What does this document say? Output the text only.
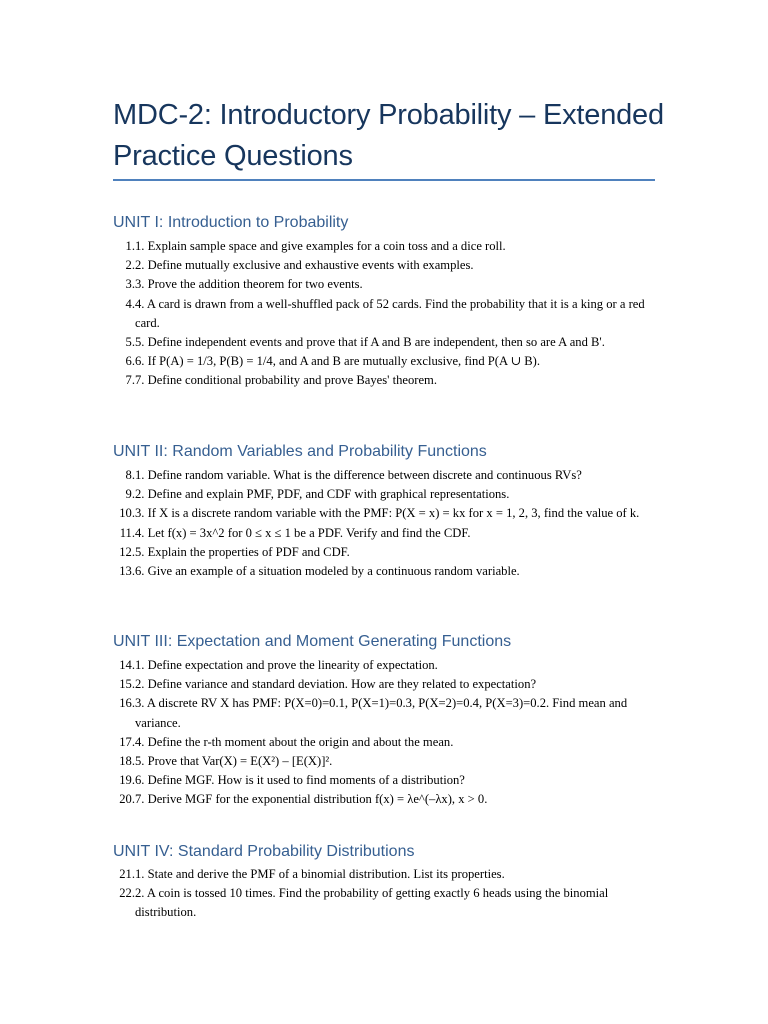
MDC-2: Introductory Probability – Extended Practice Questions
UNIT I: Introduction to Probability
1. 1. Explain sample space and give examples for a coin toss and a dice roll.
2. 2. Define mutually exclusive and exhaustive events with examples.
3. 3. Prove the addition theorem for two events.
4. 4. A card is drawn from a well-shuffled pack of 52 cards. Find the probability that it is a king or a red card.
5. 5. Define independent events and prove that if A and B are independent, then so are A and B'.
6. 6. If P(A) = 1/3, P(B) = 1/4, and A and B are mutually exclusive, find P(A ∪ B).
7. 7. Define conditional probability and prove Bayes' theorem.
UNIT II: Random Variables and Probability Functions
8. 1. Define random variable. What is the difference between discrete and continuous RVs?
9. 2. Define and explain PMF, PDF, and CDF with graphical representations.
10. 3. If X is a discrete random variable with the PMF: P(X = x) = kx for x = 1, 2, 3, find the value of k.
11. 4. Let f(x) = 3x^2 for 0 ≤ x ≤ 1 be a PDF. Verify and find the CDF.
12. 5. Explain the properties of PDF and CDF.
13. 6. Give an example of a situation modeled by a continuous random variable.
UNIT III: Expectation and Moment Generating Functions
14. 1. Define expectation and prove the linearity of expectation.
15. 2. Define variance and standard deviation. How are they related to expectation?
16. 3. A discrete RV X has PMF: P(X=0)=0.1, P(X=1)=0.3, P(X=2)=0.4, P(X=3)=0.2. Find mean and variance.
17. 4. Define the r-th moment about the origin and about the mean.
18. 5. Prove that Var(X) = E(X²) – [E(X)]².
19. 6. Define MGF. How is it used to find moments of a distribution?
20. 7. Derive MGF for the exponential distribution f(x) = λe^(–λx), x > 0.
UNIT IV: Standard Probability Distributions
21. 1. State and derive the PMF of a binomial distribution. List its properties.
22. 2. A coin is tossed 10 times. Find the probability of getting exactly 6 heads using the binomial distribution.
